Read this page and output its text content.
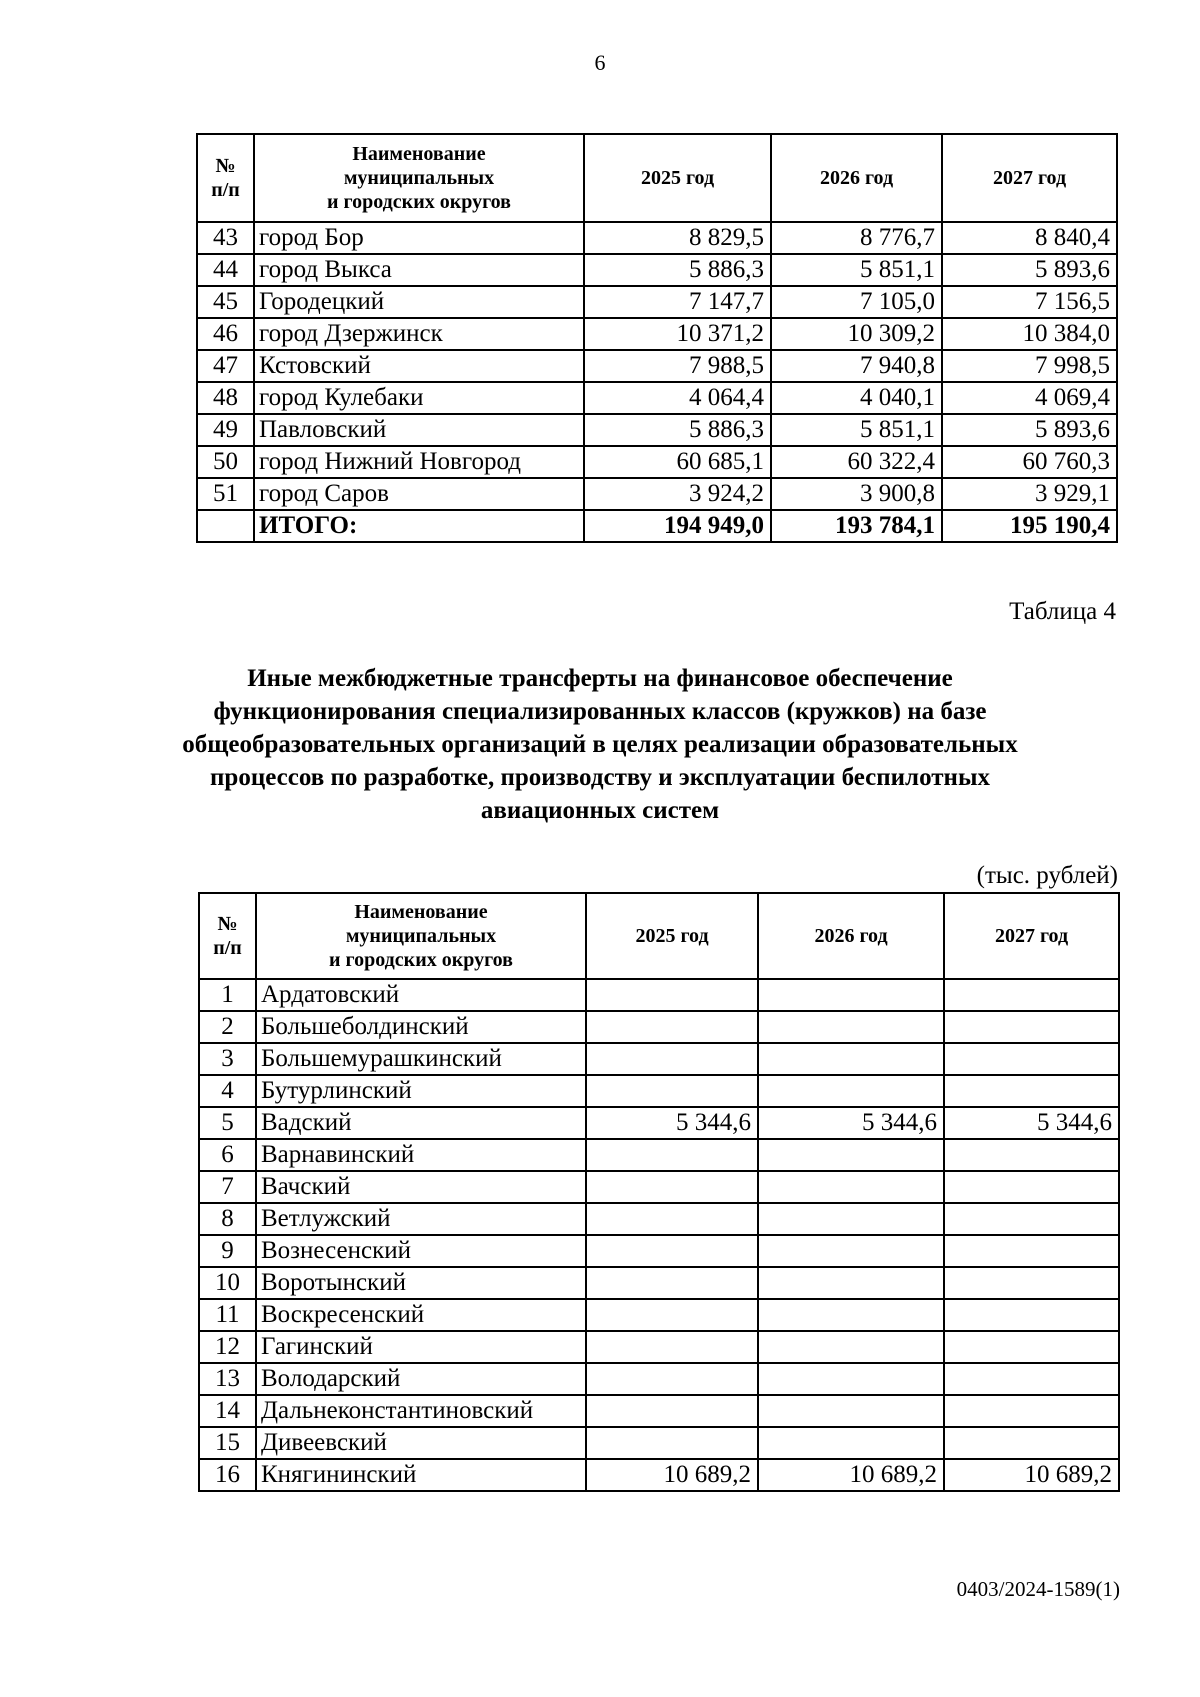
6
№
п/п	Наименование
муниципальных
и городских округов	2025 год	2026 год	2027 год
43	город Бор	8 829,5	8 776,7	8 840,4
44	город Выкса	5 886,3	5 851,1	5 893,6
45	Городецкий	7 147,7	7 105,0	7 156,5
46	город Дзержинск	10 371,2	10 309,2	10 384,0
47	Кстовский	7 988,5	7 940,8	7 998,5
48	город Кулебаки	4 064,4	4 040,1	4 069,4
49	Павловский	5 886,3	5 851,1	5 893,6
50	город Нижний Новгород	60 685,1	60 322,4	60 760,3
51	город Саров	3 924,2	3 900,8	3 929,1
	ИТОГО:	194 949,0	193 784,1	195 190,4
Таблица 4
Иные межбюджетные трансферты на финансовое обеспечение функционирования специализированных классов (кружков) на базе общеобразовательных организаций в целях реализации образовательных процессов по разработке, производству и эксплуатации беспилотных авиационных систем
(тыс. рублей)
№
п/п	Наименование
муниципальных
и городских округов	2025 год	2026 год	2027 год
1	Ардатовский			
2	Большеболдинский			
3	Большемурашкинский			
4	Бутурлинский			
5	Вадский	5 344,6	5 344,6	5 344,6
6	Варнавинский			
7	Вачский			
8	Ветлужский			
9	Вознесенский			
10	Воротынский			
11	Воскресенский			
12	Гагинский			
13	Володарский			
14	Дальнеконстантиновский			
15	Дивеевский			
16	Княгининский	10 689,2	10 689,2	10 689,2
0403/2024-1589(1)
